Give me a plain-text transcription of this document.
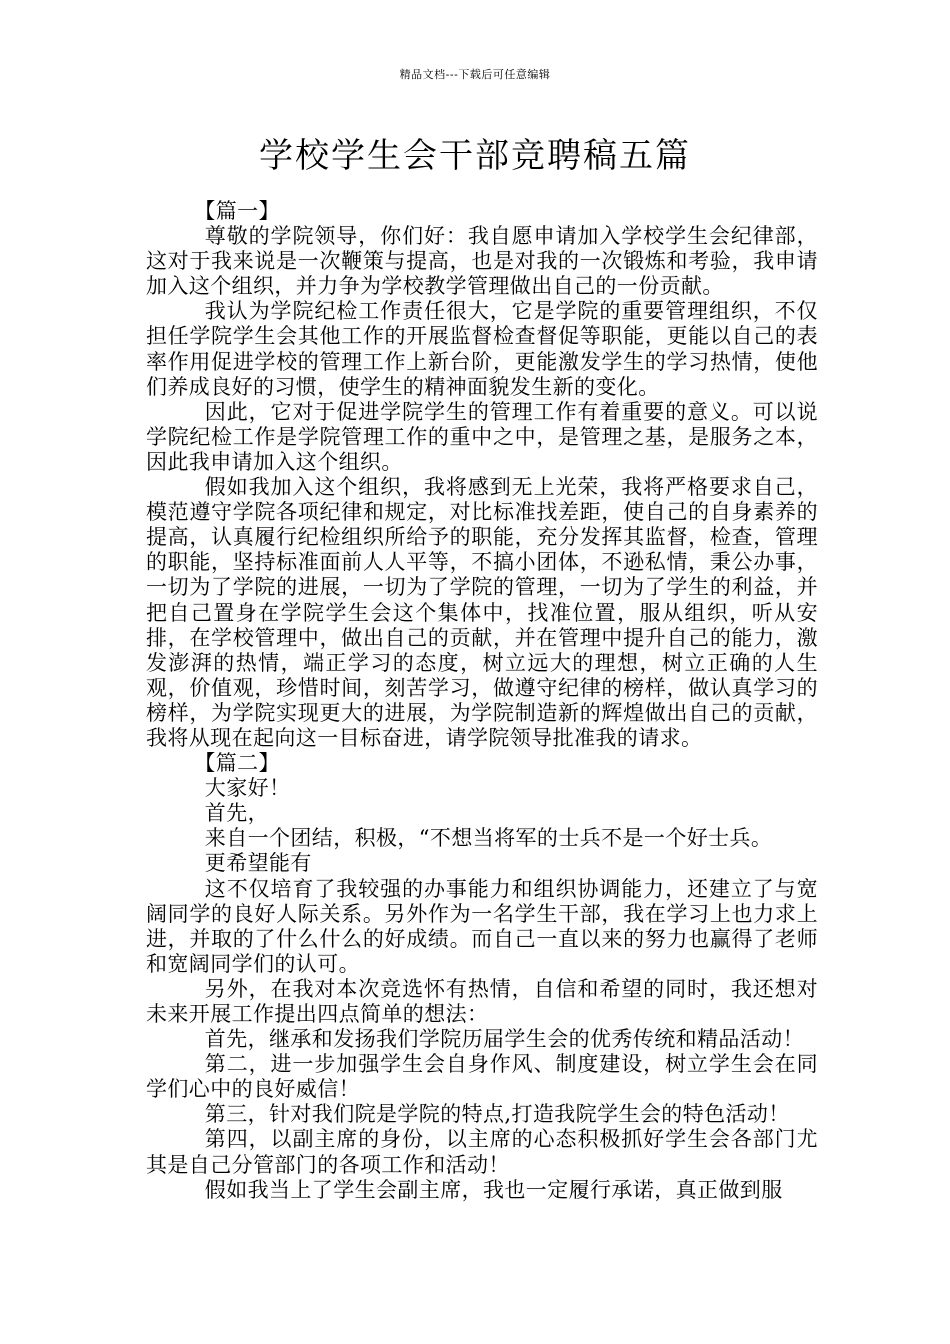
精品文档---下载后可任意编辑
学校学生会干部竞聘稿五篇

【篇一】

尊敬的学院领导，你们好：我自愿申请加入学校学生会纪律部，这对于我来说是一次鞭策与提高，也是对我的一次锻炼和考验，我申请加入这个组织，并力争为学校教学管理做出自己的一份贡献。

我认为学院纪检工作责任很大，它是学院的重要管理组织，不仅担任学院学生会其他工作的开展监督检查督促等职能，更能以自己的表率作用促进学校的管理工作上新台阶，更能激发学生的学习热情，使他们养成良好的习惯，使学生的精神面貌发生新的变化。

因此，它对于促进学院学生的管理工作有着重要的意义。可以说学院纪检工作是学院管理工作的重中之中，是管理之基，是服务之本，因此我申请加入这个组织。

假如我加入这个组织，我将感到无上光荣，我将严格要求自己，模范遵守学院各项纪律和规定，对比标准找差距，使自己的自身素养的提高，认真履行纪检组织所给予的职能，充分发挥其监督，检查，管理的职能，坚持标准面前人人平等，不搞小团体，不逊私情，秉公办事，一切为了学院的进展，一切为了学院的管理，一切为了学生的利益，并把自己置身在学院学生会这个集体中，找准位置，服从组织，听从安排，在学校管理中，做出自己的贡献，并在管理中提升自己的能力，激发澎湃的热情，端正学习的态度，树立远大的理想，树立正确的人生观，价值观，珍惜时间，刻苦学习，做遵守纪律的榜样，做认真学习的榜样，为学院实现更大的进展，为学院制造新的辉煌做出自己的贡献，我将从现在起向这一目标奋进，请学院领导批准我的请求。

【篇二】

大家好！

首先，

来自一个团结，积极，“不想当将军的士兵不是一个好士兵。

更希望能有

这不仅培育了我较强的办事能力和组织协调能力，还建立了与宽阔同学的良好人际关系。另外作为一名学生干部，我在学习上也力求上进，并取的了什么什么的好成绩。而自己一直以来的努力也赢得了老师和宽阔同学们的认可。

另外，在我对本次竞选怀有热情，自信和希望的同时，我还想对未来开展工作提出四点简单的想法：

首先，继承和发扬我们学院历届学生会的优秀传统和精品活动！

第二，进一步加强学生会自身作风、制度建设，树立学生会在同学们心中的良好威信！

第三，针对我们院是学院的特点,打造我院学生会的特色活动！

第四，以副主席的身份，以主席的心态积极抓好学生会各部门尤其是自己分管部门的各项工作和活动！

假如我当上了学生会副主席，我也一定履行承诺，真正做到服
